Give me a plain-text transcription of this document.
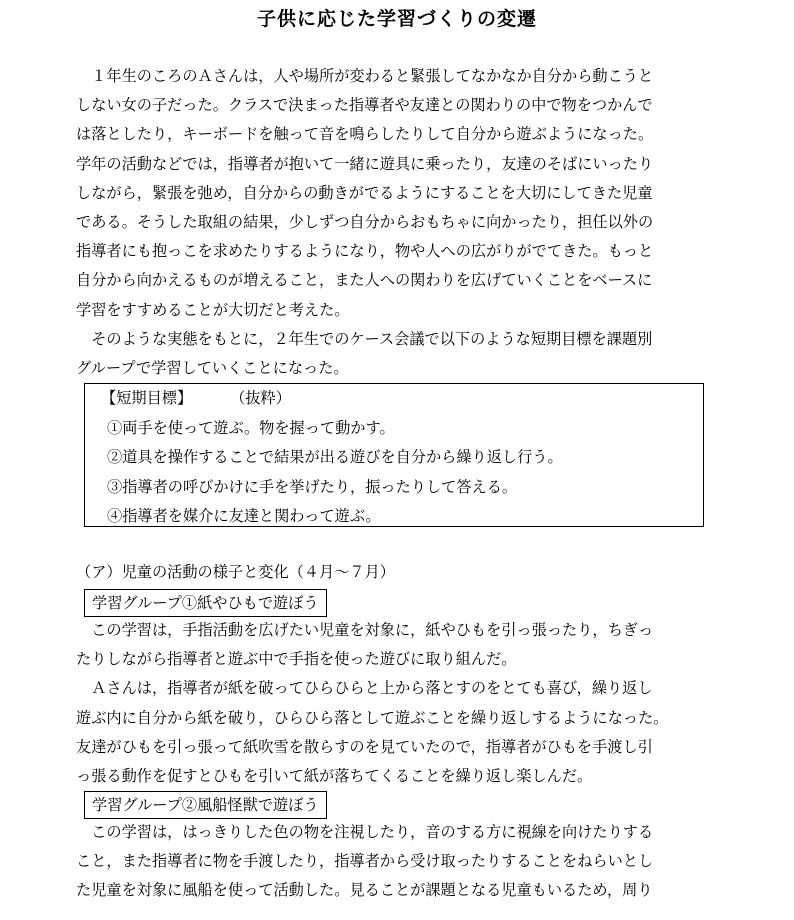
子供に応じた学習づくりの変遷
　１年生のころのＡさんは，人や場所が変わると緊張してなかなか自分から動こうと
しない女の子だった。クラスで決まった指導者や友達との関わりの中で物をつかんで
は落としたり，キーボードを触って音を鳴らしたりして自分から遊ぶようになった。
学年の活動などでは，指導者が抱いて一緒に遊具に乗ったり，友達のそばにいったり
しながら，緊張を弛め，自分からの動きがでるようにすることを大切にしてきた児童
である。そうした取組の結果，少しずつ自分からおもちゃに向かったり，担任以外の
指導者にも抱っこを求めたりするようになり，物や人への広がりがでてきた。もっと
自分から向かえるものが増えること，また人への関わりを広げていくことをベースに
学習をすすめることが大切だと考えた。
　そのような実態をもとに，２年生でのケース会議で以下のような短期目標を課題別
グループで学習していくことになった。
【短期目標】	（抜粋）
①両手を使って遊ぶ。物を握って動かす。
②道具を操作することで結果が出る遊びを自分から繰り返し行う。
③指導者の呼びかけに手を挙げたり，振ったりして答える。
④指導者を媒介に友達と関わって遊ぶ。
（ア）児童の活動の様子と変化（４月～７月）
学習グループ①紙やひもで遊ぼう
　この学習は，手指活動を広げたい児童を対象に，紙やひもを引っ張ったり，ちぎっ
たりしながら指導者と遊ぶ中で手指を使った遊びに取り組んだ。
　Ａさんは，指導者が紙を破ってひらひらと上から落とすのをとても喜び，繰り返し
遊ぶ内に自分から紙を破り，ひらひら落として遊ぶことを繰り返しするようになった。
友達がひもを引っ張って紙吹雪を散らすのを見ていたので，指導者がひもを手渡し引
っ張る動作を促すとひもを引いて紙が落ちてくることを繰り返し楽しんだ。
学習グループ②風船怪獣で遊ぼう
　この学習は，はっきりした色の物を注視したり，音のする方に視線を向けたりする
こと，また指導者に物を手渡したり，指導者から受け取ったりすることをねらいとし
た児童を対象に風船を使って活動した。見ることが課題となる児童もいるため，周り
